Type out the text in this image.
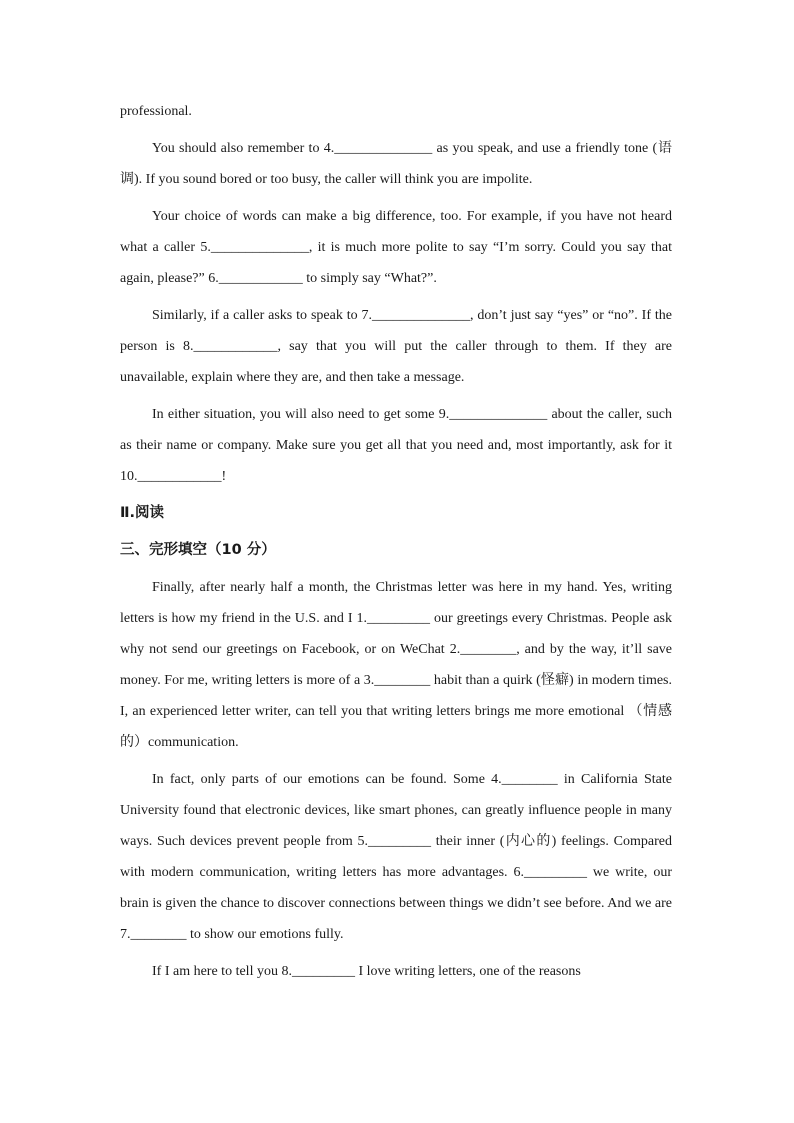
professional.

You should also remember to 4.______________ as you speak, and use a friendly tone (语调). If you sound bored or too busy, the caller will think you are impolite.

Your choice of words can make a big difference, too. For example, if you have not heard what a caller 5.______________, it is much more polite to say “I’m sorry. Could you say that again, please?” 6.____________ to simply say “What?”.

Similarly, if a caller asks to speak to 7.______________, don’t just say “yes” or “no”. If the person is 8.____________, say that you will put the caller through to them. If they are unavailable, explain where they are, and then take a message.

In either situation, you will also need to get some 9.______________ about the caller, such as their name or company. Make sure you get all that you need and, most importantly, ask for it 10.____________!

Ⅱ.阅读
三、完形填空（10 分）

Finally, after nearly half a month, the Christmas letter was here in my hand. Yes, writing letters is how my friend in the U.S. and I 1._________ our greetings every Christmas. People ask why not send our greetings on Facebook, or on WeChat 2.________, and by the way, it’ll save money. For me, writing letters is more of a 3.________ habit than a quirk (怪癖) in modern times. I, an experienced letter writer, can tell you that writing letters brings me more emotional （情感的）communication.

In fact, only parts of our emotions can be found. Some 4.________ in California State University found that electronic devices, like smart phones, can greatly influence people in many ways. Such devices prevent people from 5._________ their inner (内心的) feelings. Compared with modern communication, writing letters has more advantages. 6._________ we write, our brain is given the chance to discover connections between things we didn’t see before. And we are 7.________ to show our emotions fully.

If I am here to tell you 8._________ I love writing letters, one of the reasons
